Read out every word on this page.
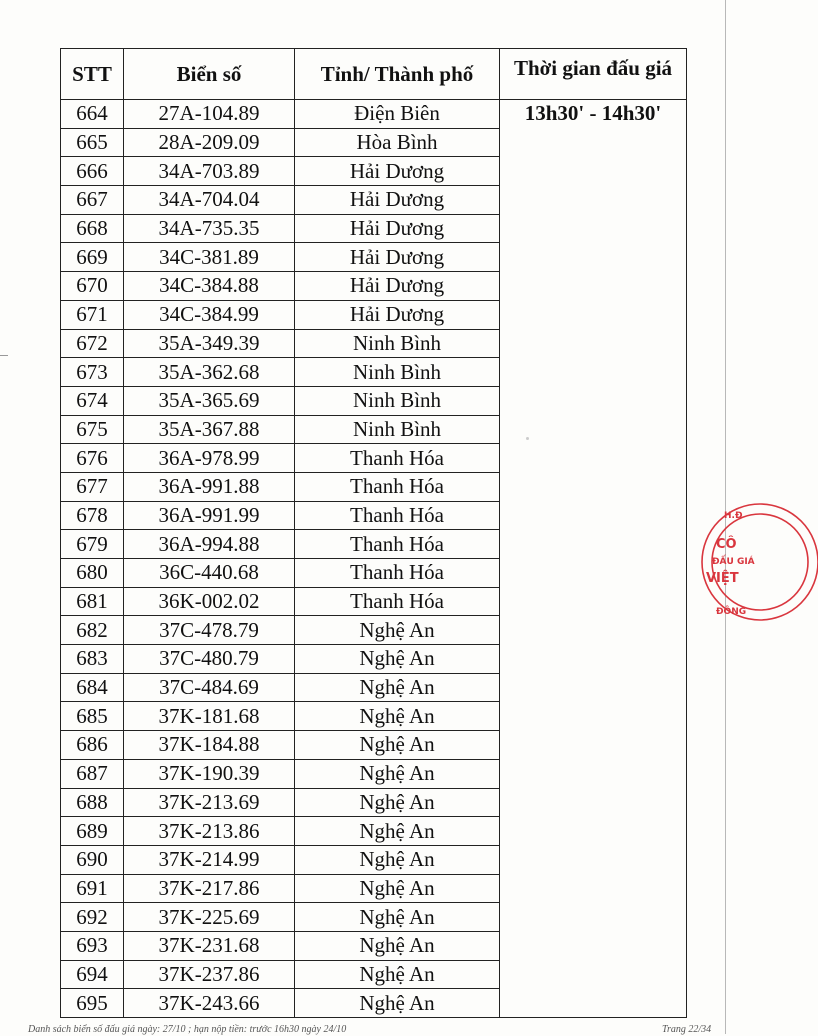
STT	Biển số	Tỉnh/ Thành phố	Thời gian đấu giá
664	27A-104.89	Điện Biên	13h30' - 14h30'
665	28A-209.09	Hòa Bình	
666	34A-703.89	Hải Dương	
667	34A-704.04	Hải Dương	
668	34A-735.35	Hải Dương	
669	34C-381.89	Hải Dương	
670	34C-384.88	Hải Dương	
671	34C-384.99	Hải Dương	
672	35A-349.39	Ninh Bình	
673	35A-362.68	Ninh Bình	
674	35A-365.69	Ninh Bình	
675	35A-367.88	Ninh Bình	
676	36A-978.99	Thanh Hóa	
677	36A-991.88	Thanh Hóa	
678	36A-991.99	Thanh Hóa	
679	36A-994.88	Thanh Hóa	
680	36C-440.68	Thanh Hóa	
681	36K-002.02	Thanh Hóa	
682	37C-478.79	Nghệ An	
683	37C-480.79	Nghệ An	
684	37C-484.69	Nghệ An	
685	37K-181.68	Nghệ An	
686	37K-184.88	Nghệ An	
687	37K-190.39	Nghệ An	
688	37K-213.69	Nghệ An	
689	37K-213.86	Nghệ An	
690	37K-214.99	Nghệ An	
691	37K-217.86	Nghệ An	
692	37K-225.69	Nghệ An	
693	37K-231.68	Nghệ An	
694	37K-237.86	Nghệ An	
695	37K-243.66	Nghệ An	
H.Đ
CÔ
ĐẤU GIÁ
VIỆT
ĐÔNG
Danh sách biển số đấu giá ngày: 27/10 ; hạn nộp tiền: trước 16h30 ngày 24/10	Trang 22/34
